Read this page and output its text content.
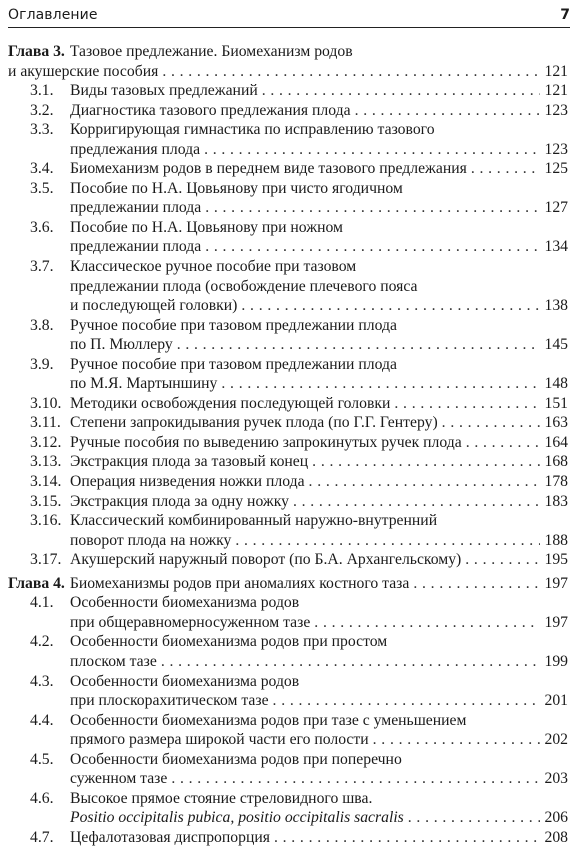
Оглавление	7
Глава 3. Тазовое предлежание. Биомеханизм родов
и акушерские пособия . . .	121
3.1.	Виды тазовых предлежаний . . .	121
3.2.	Диагностика тазового предлежания плода . . .	123
3.3.	Корригирующая гимнастика по исправлению тазового
предлежания плода . . .	123
3.4.	Биомеханизм родов в переднем виде тазового предлежания . . .	125
3.5.	Пособие по Н.А. Цовьянову при чисто ягодичном
предлежании плода . . .	127
3.6.	Пособие по Н.А. Цовьянову при ножном
предлежании плода . . .	134
3.7.	Классическое ручное пособие при тазовом
предлежании плода (освобождение плечевого пояса
и последующей головки) . . .	138
3.8.	Ручное пособие при тазовом предлежании плода
по П. Мюллеру . . .	145
3.9.	Ручное пособие при тазовом предлежании плода
по М.Я. Мартыншину . . .	148
3.10. Методики освобождения последующей головки . . .	151
3.11. Степени запрокидывания ручек плода (по Г.Г. Гентеру) . . .	163
3.12. Ручные пособия по выведению запрокинутых ручек плода . . .	164
3.13. Экстракция плода за тазовый конец . . .	168
3.14. Операция низведения ножки плода . . .	178
3.15. Экстракция плода за одну ножку . . .	183
3.16. Классический комбинированный наружно-внутренний
поворот плода на ножку . . .	188
3.17. Акушерский наружный поворот (по Б.А. Архангельскому) . . .	195
Глава 4. Биомеханизмы родов при аномалиях костного таза . . .	197
4.1.	Особенности биомеханизма родов
при общеравномерносуженном тазе . . .	197
4.2.	Особенности биомеханизма родов при простом
плоском тазе . . .	199
4.3.	Особенности биомеханизма родов
при плоскорахитическом тазе . . .	201
4.4.	Особенности биомеханизма родов при тазе с уменьшением
прямого размера широкой части его полости . . .	202
4.5.	Особенности биомеханизма родов при поперечно
суженном тазе . . .	203
4.6.	Высокое прямое стояние стреловидного шва.
Positio occipitalis pubica, positio occipitalis sacralis . . .	206
4.7.	Цефалотазовая диспропорция . . .	208
